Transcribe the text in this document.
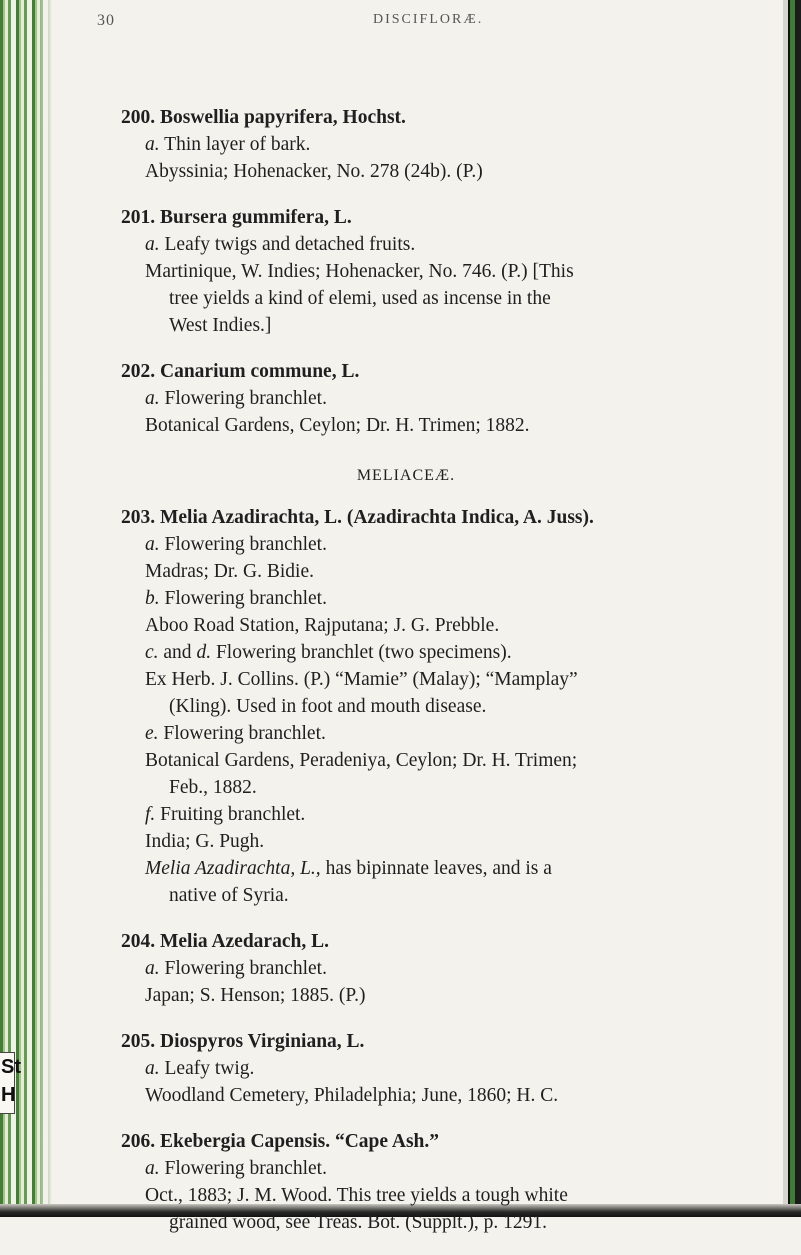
St
H
30	DISCIFLORÆ.
200. Boswellia papyrifera, Hochst.
a. Thin layer of bark.
Abyssinia; Hohenacker, No. 278 (24b). (P.)
201. Bursera gummifera, L.
a. Leafy twigs and detached fruits.
Martinique, W. Indies; Hohenacker, No. 746. (P.) [This
tree yields a kind of elemi, used as incense in the
West Indies.]
202. Canarium commune, L.
a. Flowering branchlet.
Botanical Gardens, Ceylon; Dr. H. Trimen; 1882.
MELIACEÆ.
203. Melia Azadirachta, L. (Azadirachta Indica, A. Juss).
a. Flowering branchlet.
Madras; Dr. G. Bidie.
b. Flowering branchlet.
Aboo Road Station, Rajputana; J. G. Prebble.
c. and d. Flowering branchlet (two specimens).
Ex Herb. J. Collins. (P.) “Mamie” (Malay); “Mamplay”
(Kling). Used in foot and mouth disease.
e. Flowering branchlet.
Botanical Gardens, Peradeniya, Ceylon; Dr. H. Trimen;
Feb., 1882.
f. Fruiting branchlet.
India; G. Pugh.
Melia Azadirachta, L., has bipinnate leaves, and is a
native of Syria.
204. Melia Azedarach, L.
a. Flowering branchlet.
Japan; S. Henson; 1885. (P.)
205. Diospyros Virginiana, L.
a. Leafy twig.
Woodland Cemetery, Philadelphia; June, 1860; H. C.
206. Ekebergia Capensis. “Cape Ash.”
a. Flowering branchlet.
Oct., 1883; J. M. Wood. This tree yields a tough white
grained wood, see Treas. Bot. (Supplt.), p. 1291.
